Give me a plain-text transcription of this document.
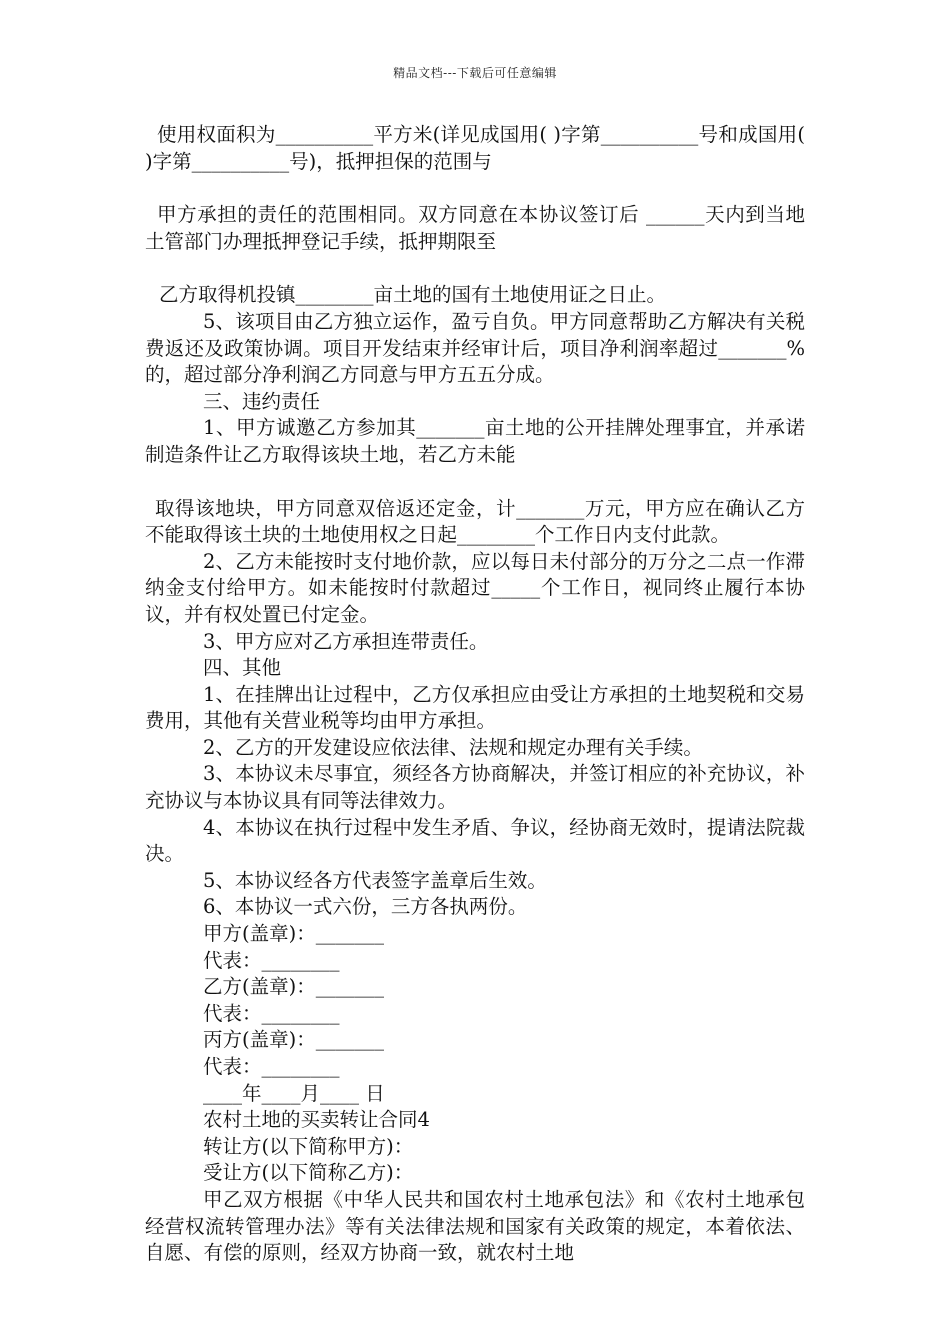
精品文档---下载后可任意编辑

使用权面积为__________平方米(详见成国用( )字第__________号和成国用( )字第__________号)，抵押担保的范围与

甲方承担的责任的范围相同。双方同意在本协议签订后 ______天内到当地土管部门办理抵押登记手续，抵押期限至

乙方取得机投镇________亩土地的国有土地使用证之日止。

5、该项目由乙方独立运作，盈亏自负。甲方同意帮助乙方解决有关税费返还及政策协调。项目开发结束并经审计后，项目净利润率超过_______%的，超过部分净利润乙方同意与甲方五五分成。

三、违约责任

1、甲方诚邀乙方参加其_______亩土地的公开挂牌处理事宜，并承诺制造条件让乙方取得该块土地，若乙方未能

取得该地块，甲方同意双倍返还定金，计_______万元，甲方应在确认乙方不能取得该土块的土地使用权之日起________个工作日内支付此款。

2、乙方未能按时支付地价款，应以每日未付部分的万分之二点一作滞纳金支付给甲方。如未能按时付款超过_____个工作日，视同终止履行本协议，并有权处置已付定金。

3、甲方应对乙方承担连带责任。

四、其他

1、在挂牌出让过程中，乙方仅承担应由受让方承担的土地契税和交易费用，其他有关营业税等均由甲方承担。

2、乙方的开发建设应依法律、法规和规定办理有关手续。

3、本协议未尽事宜，须经各方协商解决，并签订相应的补充协议，补充协议与本协议具有同等法律效力。

4、本协议在执行过程中发生矛盾、争议，经协商无效时，提请法院裁决。

5、本协议经各方代表签字盖章后生效。

6、本协议一式六份，三方各执两份。

甲方(盖章)：_______

代表：________

乙方(盖章)：_______

代表：________

丙方(盖章)：_______

代表：________

____年____月____ 日

农村土地的买卖转让合同4

转让方(以下简称甲方)：

受让方(以下简称乙方)：

甲乙双方根据《中华人民共和国农村土地承包法》和《农村土地承包经营权流转管理办法》等有关法律法规和国家有关政策的规定，本着依法、自愿、有偿的原则，经双方协商一致，就农村土地
